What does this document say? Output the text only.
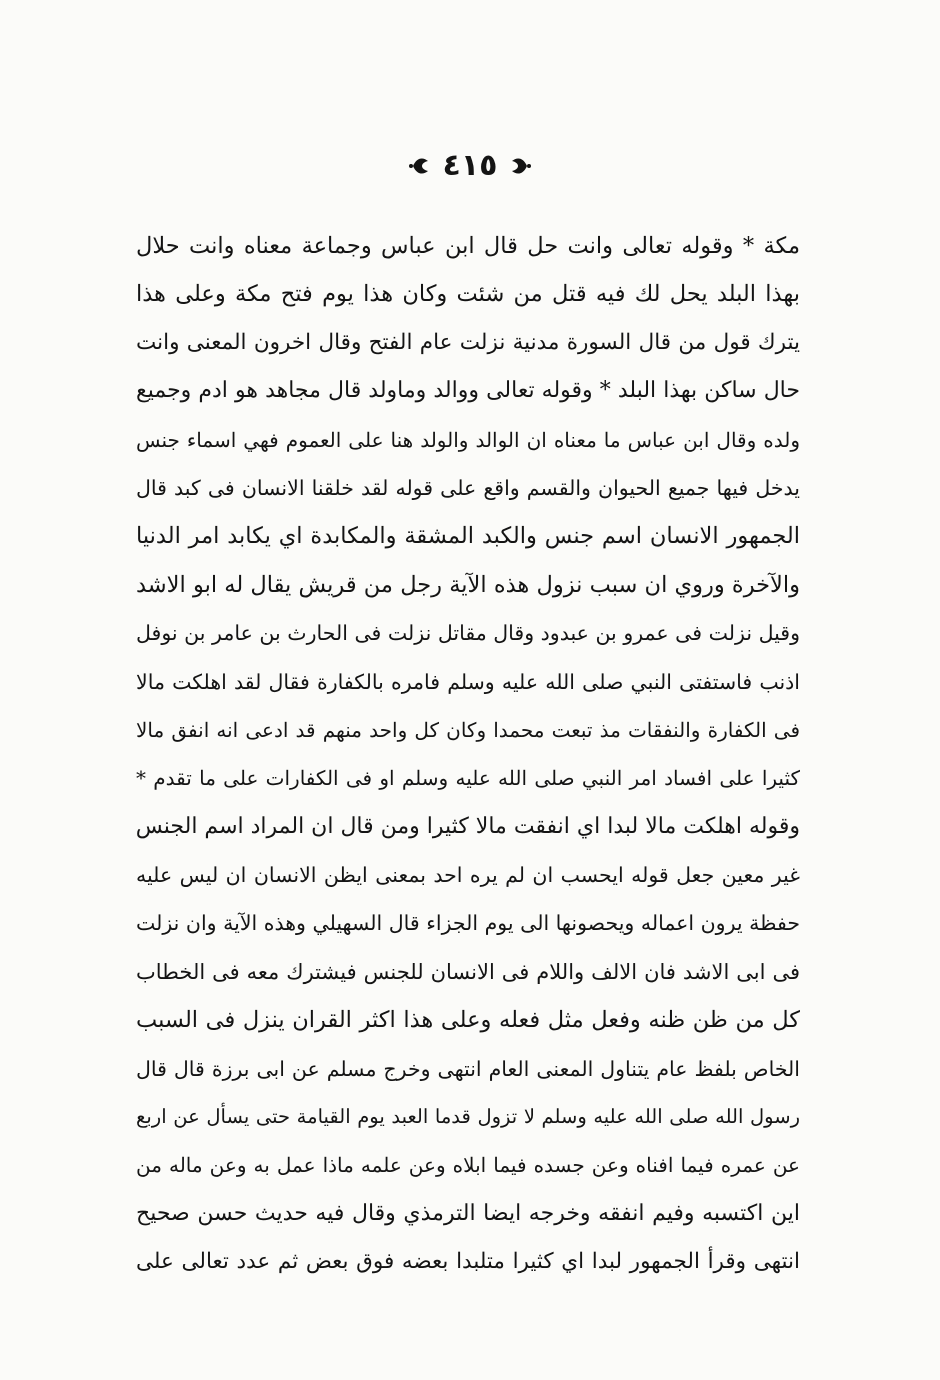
٤١٥
مكة * وقوله تعالى وانت حل قال ابن عباس وجماعة معناه وانت حلال
بهذا البلد يحل لك فيه قتل من شئت وكان هذا يوم فتح مكة وعلى هذا
يترك قول من قال السورة مدنية نزلت عام الفتح وقال اخرون المعنى وانت
حال ساكن بهذا البلد * وقوله تعالى ووالد وماولد قال مجاهد هو ادم وجميع
ولده وقال ابن عباس ما معناه ان الوالد والولد هنا على العموم فهي اسماء جنس
يدخل فيها جميع الحيوان والقسم واقع على قوله لقد خلقنا الانسان فى كبد قال
الجمهور الانسان اسم جنس والكبد المشقة والمكابدة اي يكابد امر الدنيا
والآخرة وروي ان سبب نزول هذه الآية رجل من قريش يقال له ابو الاشد
وقيل نزلت فى عمرو بن عبدود وقال مقاتل نزلت فى الحارث بن عامر بن نوفل
اذنب فاستفتى النبي صلى الله عليه وسلم فامره بالكفارة فقال لقد اهلكت مالا
فى الكفارة والنفقات مذ تبعت محمدا وكان كل واحد منهم قد ادعى انه انفق مالا
كثيرا على افساد امر النبي صلى الله عليه وسلم او فى الكفارات على ما تقدم *
وقوله اهلكت مالا لبدا اي انفقت مالا كثيرا ومن قال ان المراد اسم الجنس
غير معين جعل قوله ايحسب ان لم يره احد بمعنى ايظن الانسان ان ليس عليه
حفظة يرون اعماله ويحصونها الى يوم الجزاء قال السهيلي وهذه الآية وان نزلت
فى ابى الاشد فان الالف واللام فى الانسان للجنس فيشترك معه فى الخطاب
كل من ظن ظنه وفعل مثل فعله وعلى هذا اكثر القران ينزل فى السبب
الخاص بلفظ عام يتناول المعنى العام انتهى وخرج مسلم عن ابى برزة قال قال
رسول الله صلى الله عليه وسلم لا تزول قدما العبد يوم القيامة حتى يسأل عن اربع
عن عمره فيما افناه وعن جسده فيما ابلاه وعن علمه ماذا عمل به وعن ماله من
اين اكتسبه وفيم انفقه وخرجه ايضا الترمذي وقال فيه حديث حسن صحيح
انتهى وقرأ الجمهور لبدا اي كثيرا متلبدا بعضه فوق بعض ثم عدد تعالى على
